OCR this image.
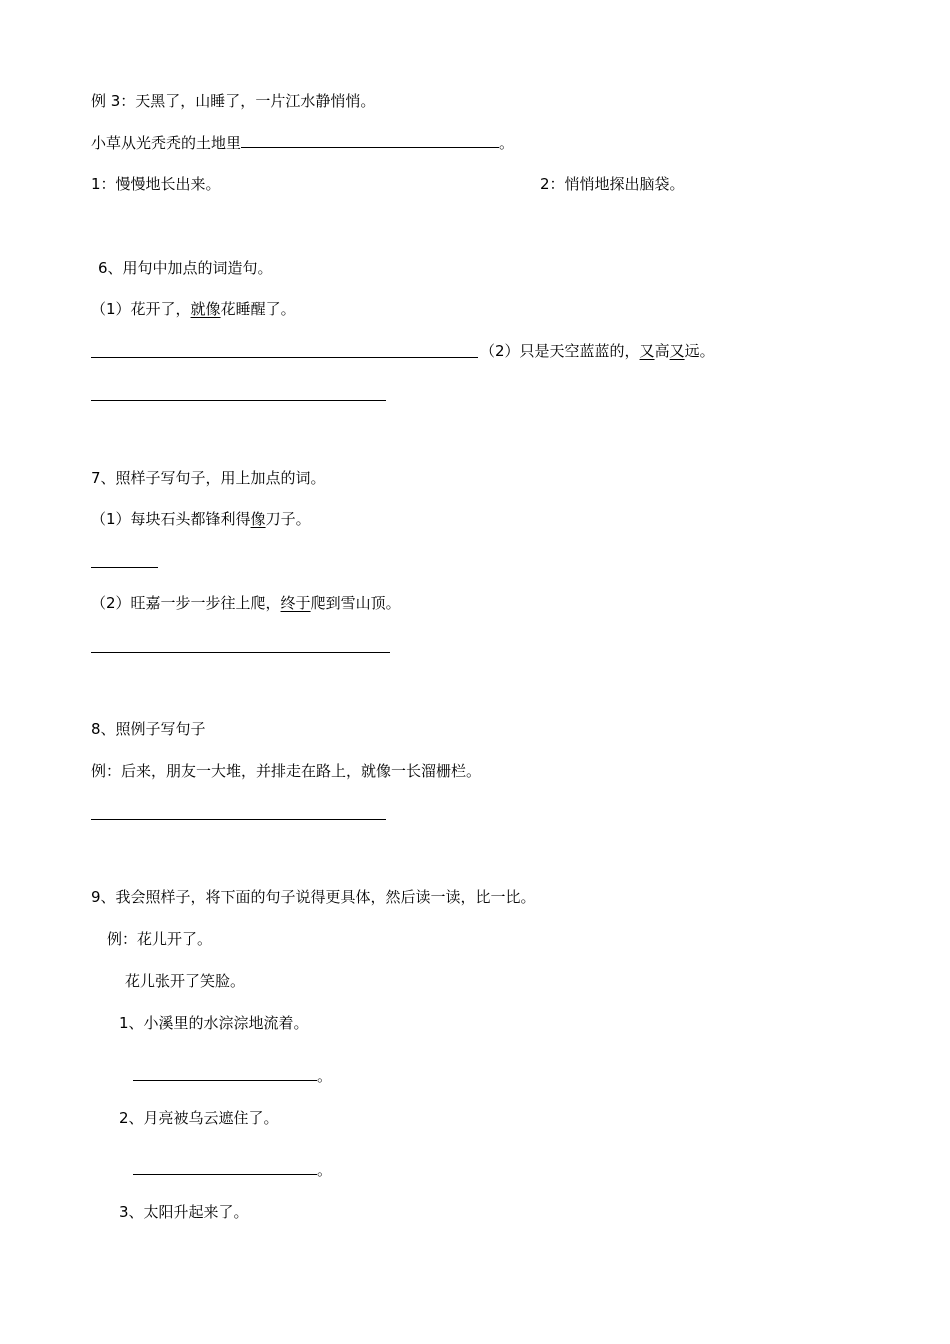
例 3：天黑了，山睡了，一片江水静悄悄。
小草从光秃秃的土地里	。
1：慢慢地长出来。	2：悄悄地探出脑袋。
6、用句中加点的词造句。
（1）花开了，就像花睡醒了。
（2）只是天空蓝蓝的，又高又远。
7、照样子写句子，用上加点的词。
（1）每块石头都锋利得像刀子。
（2）旺嘉一步一步往上爬，终于爬到雪山顶。
8、照例子写句子
例：后来，朋友一大堆，并排走在路上，就像一长溜栅栏。
9、我会照样子，将下面的句子说得更具体，然后读一读，比一比。
例：花儿开了。
花儿张开了笑脸。
1、小溪里的水淙淙地流着。
。
2、月亮被乌云遮住了。
。
3、太阳升起来了。
